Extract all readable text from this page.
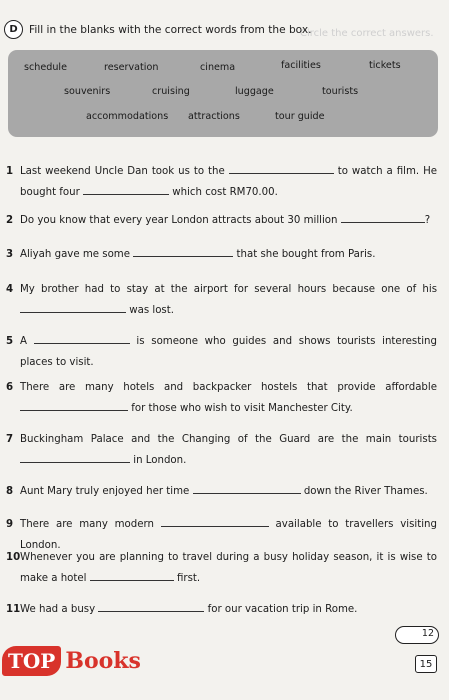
Circle the correct answers.
D	Fill in the blanks with the correct words from the box.
schedule	reservation	cinema	facilities	tickets
souvenirs	cruising	luggage	tourists
accommodations attractions	tour guide
1 Last weekend Uncle Dan took us to the	to watch a film. He bought four	which cost RM70.00.
2 Do you know that every year London attracts about 30 million	?
3 Aliyah gave me some	that she bought from Paris.
4 My brother had to stay at the airport for several hours because one of his  was lost.
5 A	is someone who guides and shows tourists interesting places to visit.
6 There are many hotels and backpacker hostels that provide affordable  for those who wish to visit Manchester City.
7 Buckingham Palace and the Changing of the Guard are the main tourists  in London.
8 Aunt Mary truly enjoyed her time	down the River Thames.
9 There are many modern	available to travellers visiting London.
10 Whenever you are planning to travel during a busy holiday season, it is wise to make a hotel	first.
11 We had a busy	for our vacation trip in Rome.
12
TOP Books	15
